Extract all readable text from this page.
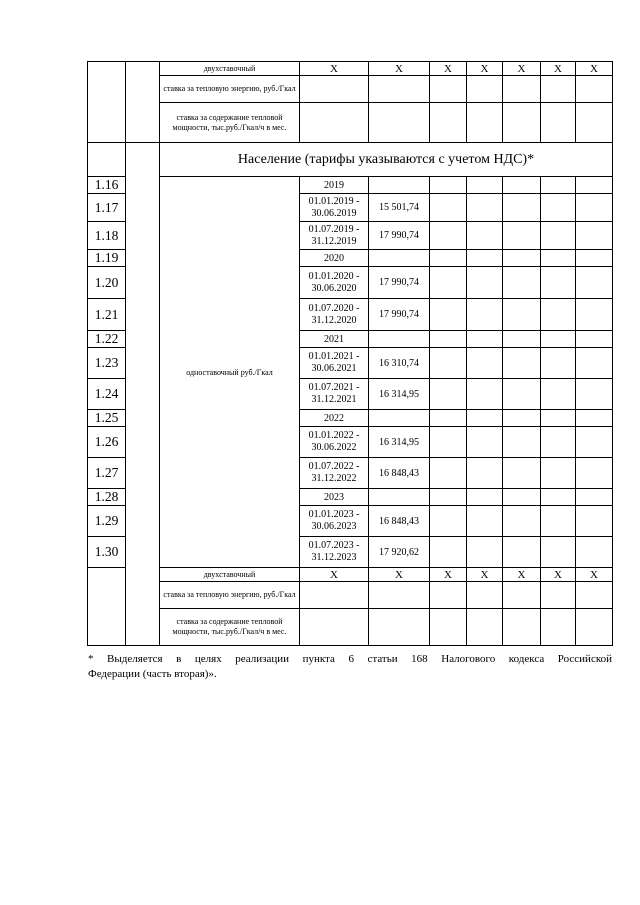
		двухставочный	X	X	X	X	X	X	X
		ставка за тепловую энергию, руб./Гкал							
		ставка за содержание тепловой мощности, тыс.руб./Гкал/ч в мес.							
		Население (тарифы указываются с учетом НДС)*							
1.16		одноставочный руб./Гкал	2019						
1.17			01.01.2019 - 30.06.2019	15 501,74					
1.18			01.07.2019 - 31.12.2019	17 990,74					
1.19			2020						
1.20			01.01.2020 - 30.06.2020	17 990,74					
1.21			01.07.2020 - 31.12.2020	17 990,74					
1.22			2021						
1.23			01.01.2021 - 30.06.2021	16 310,74					
1.24			01.07.2021 - 31.12.2021	16 314,95					
1.25			2022						
1.26			01.01.2022 - 30.06.2022	16 314,95					
1.27			01.07.2022 - 31.12.2022	16 848,43					
1.28			2023						
1.29			01.01.2023 - 30.06.2023	16 848,43					
1.30			01.07.2023 - 31.12.2023	17 920,62					
		двухставочный	X	X	X	X	X	X	X
		ставка за тепловую энергию, руб./Гкал							
		ставка за содержание тепловой мощности, тыс.руб./Гкал/ч в мес.							
* Выделяется в целях реализации пункта 6 статьи 168 Налогового кодекса Российской
Федерации (часть вторая)».
